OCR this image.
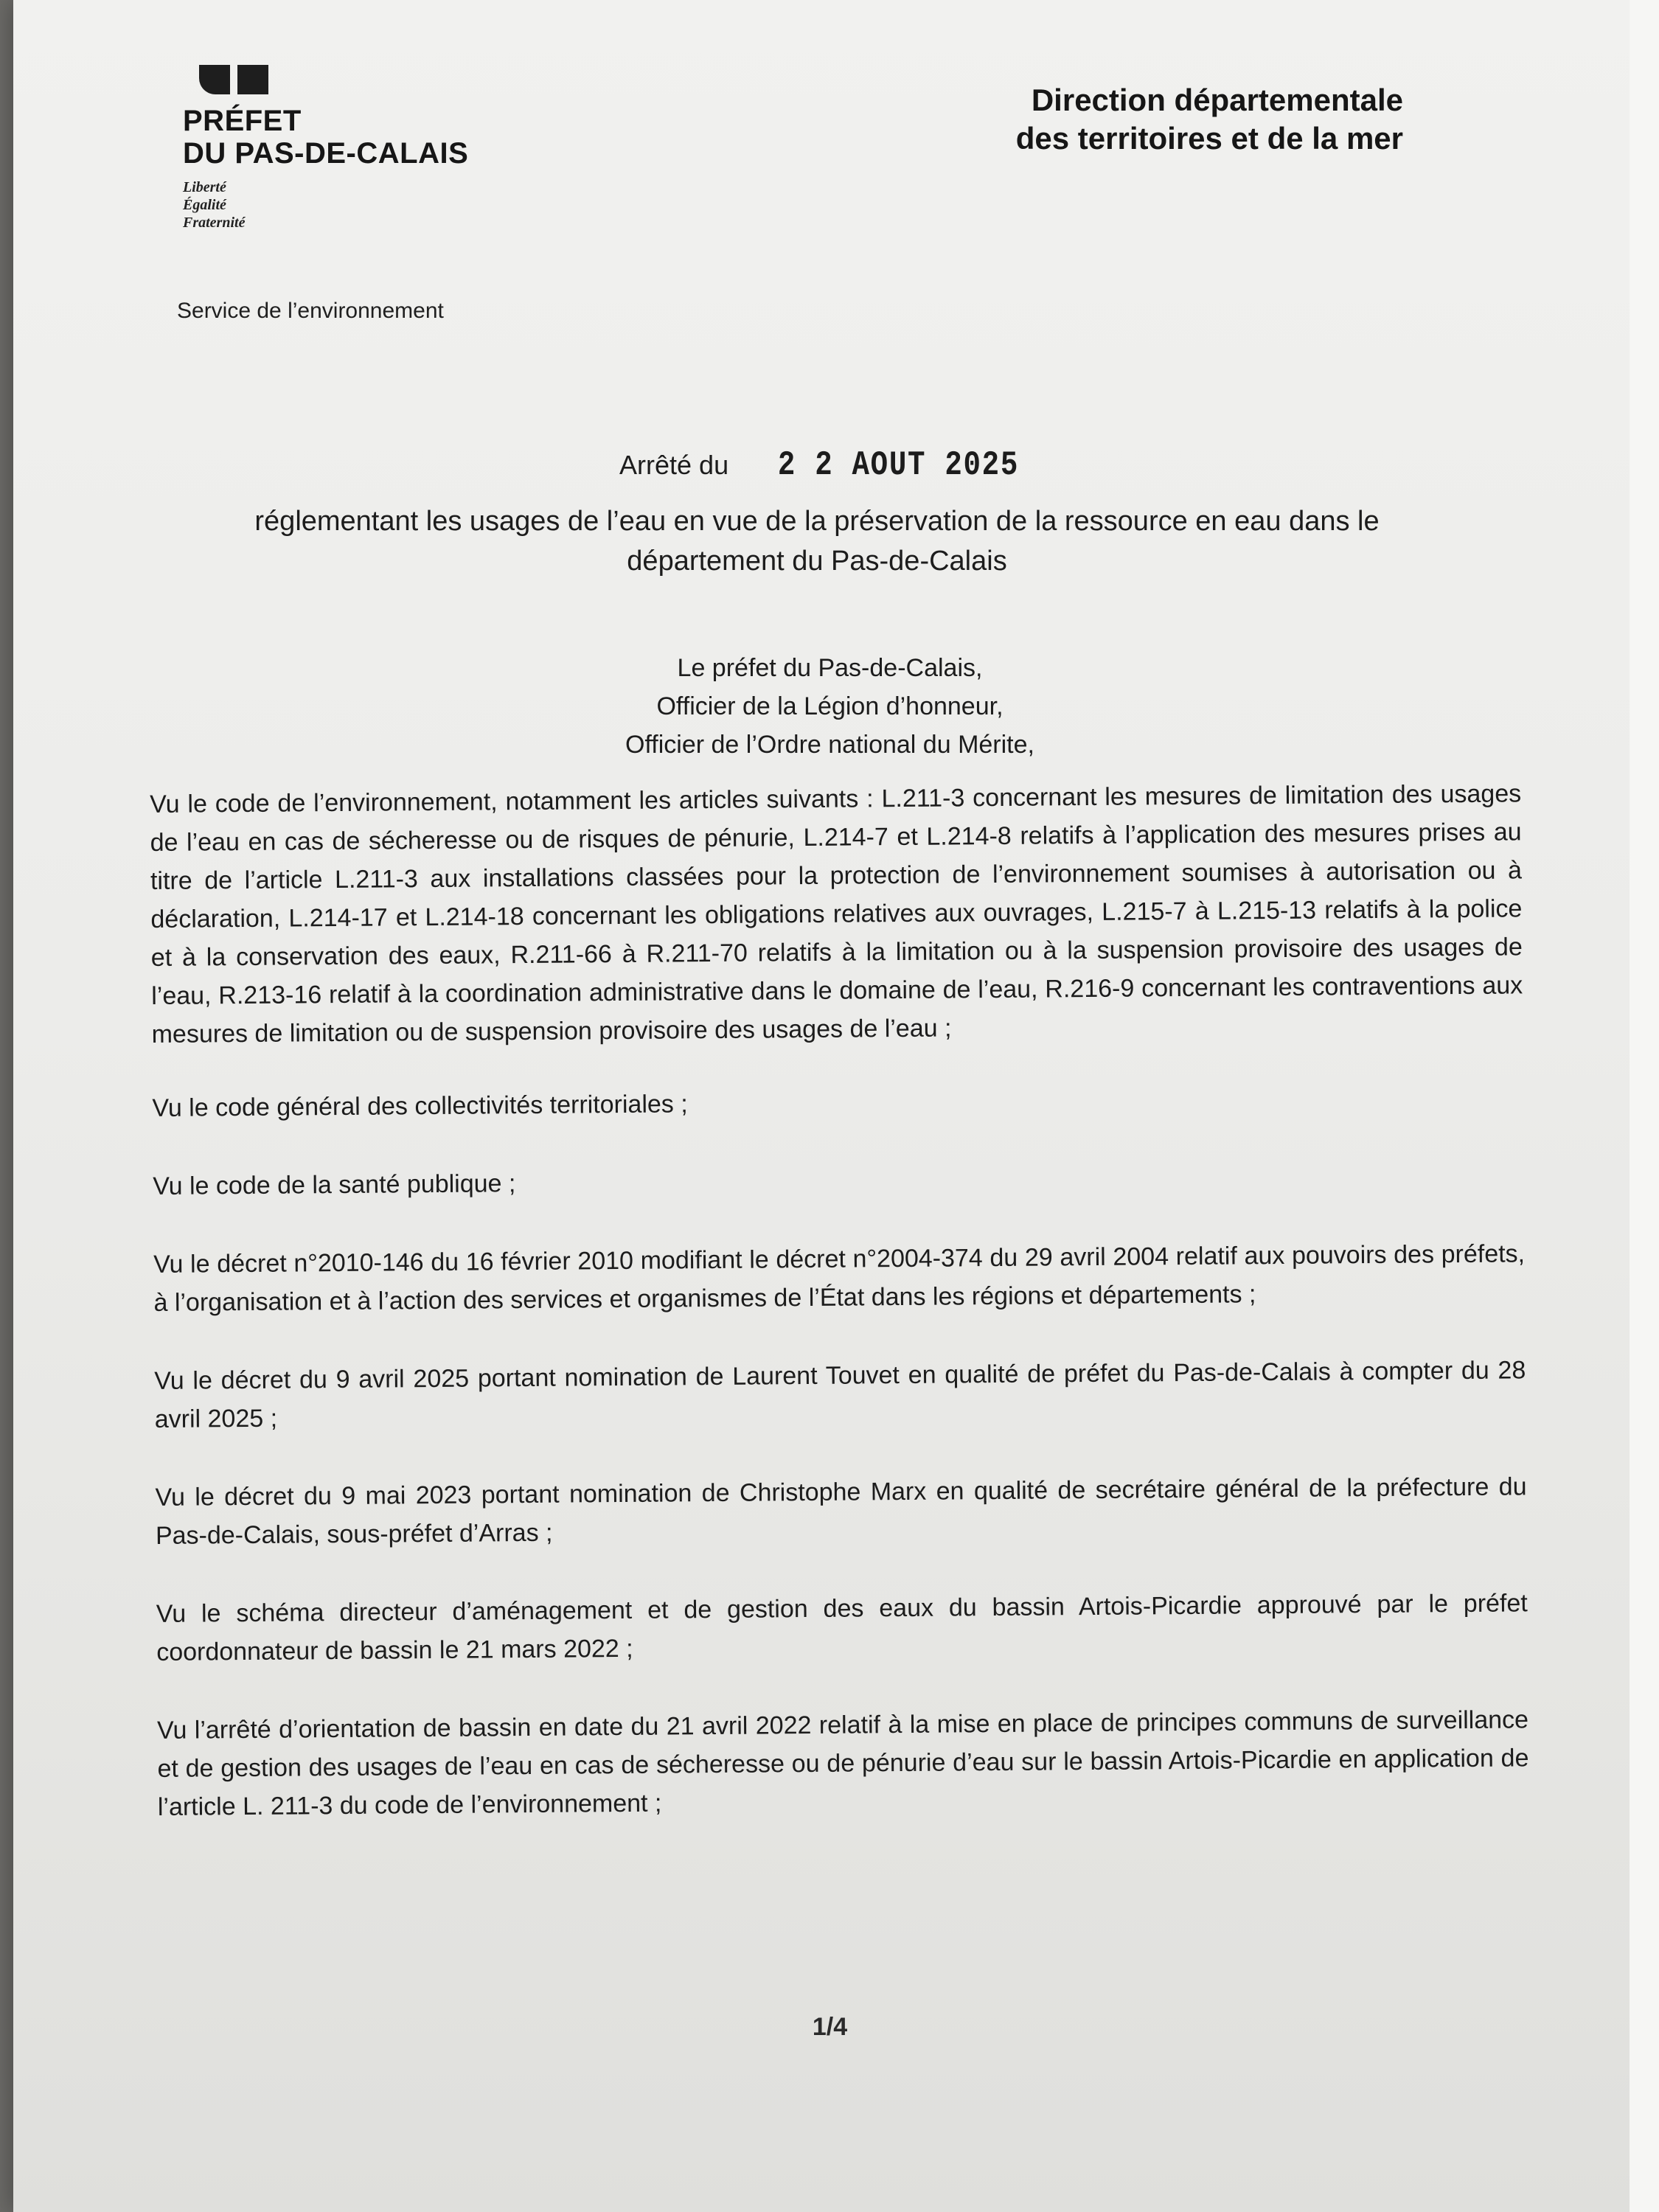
PRÉFET
DU PAS-DE-CALAIS
Liberté
Égalité
Fraternité
Direction départementale
des territoires et de la mer
Service de l’environnement
Arrêté du 2 2 AOUT 2025
réglementant les usages de l’eau en vue de la préservation de la ressource en eau dans le département du Pas-de-Calais
Le préfet du Pas-de-Calais,
Officier de la Légion d’honneur,
Officier de l’Ordre national du Mérite,

Vu le code de l’environnement, notamment les articles suivants : L.211-3 concernant les mesures de limitation des usages de l’eau en cas de sécheresse ou de risques de pénurie, L.214-7 et L.214-8 relatifs à l’application des mesures prises au titre de l’article L.211-3 aux installations classées pour la protection de l’environnement soumises à autorisation ou à déclaration, L.214-17 et L.214-18 concernant les obligations relatives aux ouvrages, L.215-7 à L.215-13 relatifs à la police et à la conservation des eaux, R.211-66 à R.211-70 relatifs à la limitation ou à la suspension provisoire des usages de l’eau, R.213-16 relatif à la coordination administrative dans le domaine de l’eau, R.216-9 concernant les contraventions aux mesures de limitation ou de suspension provisoire des usages de l’eau ;

Vu le code général des collectivités territoriales ;

Vu le code de la santé publique ;

Vu le décret n°2010-146 du 16 février 2010 modifiant le décret n°2004-374 du 29 avril 2004 relatif aux pouvoirs des préfets, à l’organisation et à l’action des services et organismes de l’État dans les régions et départements ;

Vu le décret du 9 avril 2025 portant nomination de Laurent Touvet en qualité de préfet du Pas-de-Calais à compter du 28 avril 2025 ;

Vu le décret du 9 mai 2023 portant nomination de Christophe Marx en qualité de secrétaire général de la préfecture du Pas-de-Calais, sous-préfet d’Arras ;

Vu le schéma directeur d’aménagement et de gestion des eaux du bassin Artois-Picardie approuvé par le préfet coordonnateur de bassin le 21 mars 2022 ;

Vu l’arrêté d’orientation de bassin en date du 21 avril 2022 relatif à la mise en place de principes communs de surveillance et de gestion des usages de l’eau en cas de sécheresse ou de pénurie d’eau sur le bassin Artois-Picardie en application de l’article L. 211-3 du code de l’environnement ;

1/4
